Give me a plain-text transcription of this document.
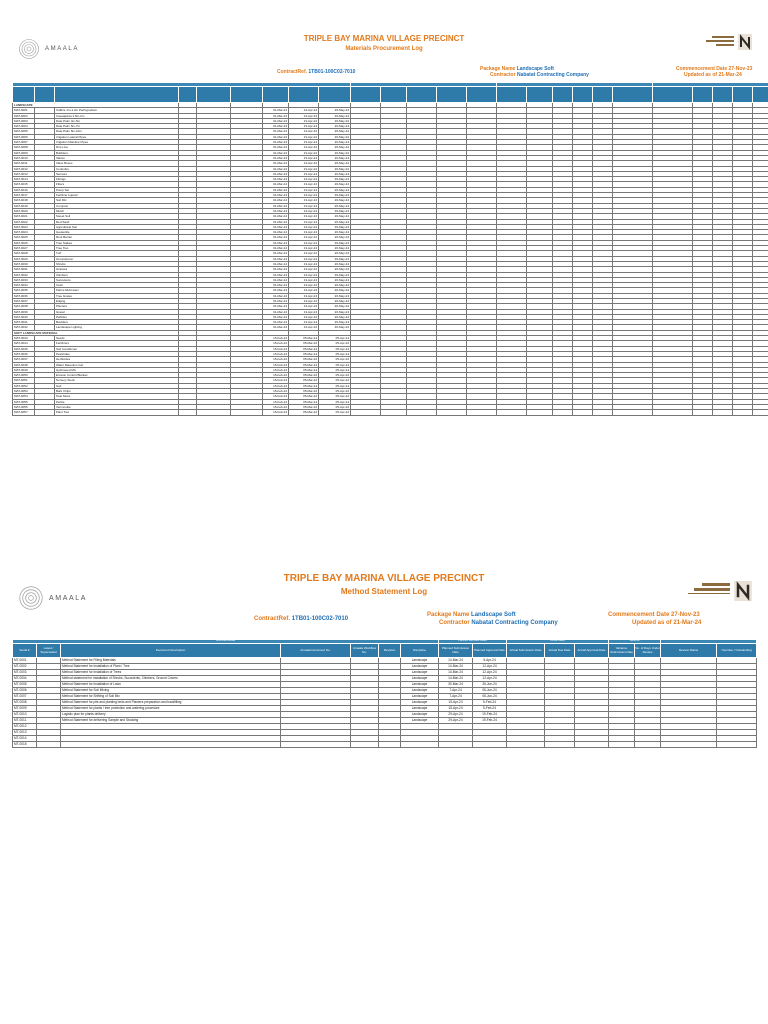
AMAALA
TRIPLE BAY MARINA VILLAGE PRECINCT
Materials Procurement Log
ContractRef. 1TB01-100C02-7010	Package Name Landscape Soft
Contractor Nabatat Contracting Company
Commencement Date 27-Nov-23
Updated as of 21-Mar-24

LANDSCAPE																								
MAT-0001		Calibre 1m-1.2m Pachypodium				01-Mar-24	13-Apr-24	20-May-24																
MAT-0002		Caesalpinia 1.5m-2m				01-Mar-24	13-Apr-24	20-May-24																
MAT-0003		Date Palm 4m-5m				01-Mar-24	13-Apr-24	20-May-24																
MAT-0004		Date Palm 6m-7m				01-Mar-24	13-Apr-24	20-May-24																
MAT-0005		Date Palm 8m-10m				01-Mar-24	13-Apr-24	20-May-24																
MAT-0006		Irrigation Lateral Pipes				01-Mar-24	13-Apr-24	20-May-24																
MAT-0007		Irrigation Mainline Pipes				01-Mar-24	13-Apr-24	20-May-24																
MAT-0008		Drip Line				01-Mar-24	13-Apr-24	20-May-24																
MAT-0009		Bubblers				01-Mar-24	13-Apr-24	20-May-24																
MAT-0010		Valves				01-Mar-24	13-Apr-24	20-May-24																
MAT-0011		Valve Boxes				01-Mar-24	13-Apr-24	20-May-24																
MAT-0012		Controller				01-Mar-24	13-Apr-24	20-May-24																
MAT-0013		Sensors				01-Mar-24	13-Apr-24	20-May-24																
MAT-0014		Fittings				01-Mar-24	13-Apr-24	20-May-24																
MAT-0015		Filters				01-Mar-24	13-Apr-24	20-May-24																
MAT-0016		Pump Set				01-Mar-24	13-Apr-24	20-May-24																
MAT-0017		Fertilizer Injector				01-Mar-24	13-Apr-24	20-May-24																
MAT-0018		Soil Mix				01-Mar-24	13-Apr-24	20-May-24																
MAT-0019		Compost				01-Mar-24	13-Apr-24	20-May-24																
MAT-0020		Mulch				01-Mar-24	13-Apr-24	20-May-24																
MAT-0021		Sweet Soil				01-Mar-24	13-Apr-24	20-May-24																
MAT-0022		Red Sand				01-Mar-24	13-Apr-24	20-May-24																
MAT-0023		Agricultural Soil				01-Mar-24	13-Apr-24	20-May-24																
MAT-0024		Geotextile				01-Mar-24	13-Apr-24	20-May-24																
MAT-0025		Root Barrier				01-Mar-24	13-Apr-24	20-May-24																
MAT-0026		Tree Stakes				01-Mar-24	13-Apr-24	20-May-24																
MAT-0027		Tree Ties				01-Mar-24	13-Apr-24	20-May-24																
MAT-0028		Turf				01-Mar-24	13-Apr-24	20-May-24																
MAT-0029		Groundcover				01-Mar-24	13-Apr-24	20-May-24																
MAT-0030		Shrubs				01-Mar-24	13-Apr-24	20-May-24																
MAT-0031		Grasses				01-Mar-24	13-Apr-24	20-May-24																
MAT-0032		Climbers				01-Mar-24	13-Apr-24	20-May-24																
MAT-0033		Succulents				01-Mar-24	13-Apr-24	20-May-24																
MAT-0034		Cacti				01-Mar-24	13-Apr-24	20-May-24																
MAT-0035		Palms Multi-stem				01-Mar-24	13-Apr-24	20-May-24																
MAT-0036		Tree Grates				01-Mar-24	13-Apr-24	20-May-24																
MAT-0037		Edging				01-Mar-24	13-Apr-24	20-May-24																
MAT-0038		Planters				01-Mar-24	13-Apr-24	20-May-24																
MAT-0039		Gravel				01-Mar-24	13-Apr-24	20-May-24																
MAT-0040		Pebbles				01-Mar-24	13-Apr-24	20-May-24																
MAT-0041		Boulders				01-Mar-24	13-Apr-24	20-May-24																
MAT-0042		Landscape Lighting				01-Mar-24	13-Apr-24	20-May-24																
SOFT LANDSCAPE MATERIAL																								
MAT-0043		Seeds				15-Feb-24	05-Mar-24	05-Apr-24																
MAT-0044		Fertilizers				15-Feb-24	05-Mar-24	05-Apr-24																
MAT-0045		Soil Conditioner				15-Feb-24	05-Mar-24	05-Apr-24																
MAT-0046		Pesticides				15-Feb-24	05-Mar-24	05-Apr-24																
MAT-0047		Herbicides				15-Feb-24	05-Mar-24	05-Apr-24																
MAT-0048		Water Retention Gel				15-Feb-24	05-Mar-24	05-Apr-24																
MAT-0049		Hydroseed Mix				15-Feb-24	05-Mar-24	05-Apr-24																
MAT-0050		Erosion Control Blanket				15-Feb-24	05-Mar-24	05-Apr-24																
MAT-0051		Nursery Stock				15-Feb-24	05-Mar-24	05-Apr-24																
MAT-0052		Sod				15-Feb-24	05-Mar-24	05-Apr-24																
MAT-0053		Bark Chips				15-Feb-24	05-Mar-24	05-Apr-24																
MAT-0054		Peat Moss				15-Feb-24	05-Mar-24	05-Apr-24																
MAT-0055		Perlite				15-Feb-24	05-Mar-24	05-Apr-24																
MAT-0056		Vermiculite				15-Feb-24	05-Mar-24	05-Apr-24																
MAT-0057		Plant Ties				15-Feb-24	05-Mar-24	05-Apr-24																
AMAALA
TRIPLE BAY MARINA VILLAGE PRECINCT
Method Statement Log
ContractRef. 1TB01-100C02-7010
Package Name Landscape Soft
Contractor Nabatat Contracting Company
Commencement Date 27-Nov-23
Updated as of 21-Mar-24
Submittal Details							Planned Submittal Dates		Actual Dates			Variance			
Serial #	Latest / Superseded	Document Description	Amaala Document No.	Amaala Workflow No.	Revision	Discipline	Planned Submission Date	Planned Approval Date	Actual Submission Date	Actual Due Date	Actual Approval Date	Variance Submission Date	No. of Days Under Review	Review Status	Overdue / Outstanding
MT-0001		Method Statement for Filling Materials				Landscape	14-Mar-24	5-Apr-24							
MT-0002		Method Statement for Installation of Plant / Tree				Landscape	14-Mar-24	12-Apr-24							
MT-0003		Method Statement for Installation of Trees				Landscape	14-Mar-24	12-Apr-24							
MT-0004		Method statement for installation of Shrubs, Succulents, Climbers, Ground Covers				Landscape	14-Mar-24	12-Apr-24							
MT-0005		Method Statement for Installation of Lawn				Landscape	30-Mar-24	26-Jun-24							
MT-0006		Method Statement for Soil Mixing				Landscape	7-Apr-24	06-Jun-24							
MT-0007		Method Statement for Shifting of Soil Mix				Landscape	7-Apr-24	06-Jun-24							
MT-0008		Method Statement for pits and planting beds and Planters preparation and backfilling				Landscape	15-Apr-24	5-Feb-24							
MT-0009		Method Statement for plants / tree protection and watering procedure				Landscape	15-Apr-24	5-Feb-24							
MT-0010		Logistic plan for plants delivery				Landscape	29-Apr-24	19-Feb-24							
MT-0011		Method Statement for delivering Sample and Stocking				Landscape	29-Apr-24	19-Feb-24							
MT-0012															
MT-0013															
MT-0014															
MT-0015															
